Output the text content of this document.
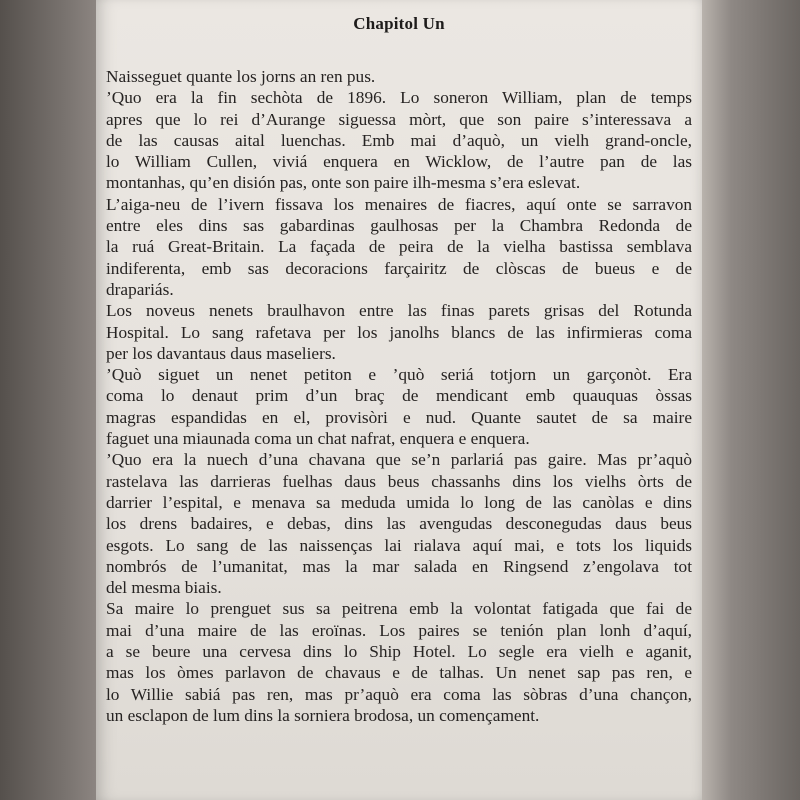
Chapitol Un
Naisseguet quante los jorns an ren pus.
’Quo era la fin sechòta de 1896. Lo soneron William, plan de temps
apres que lo rei d’Aurange siguessa mòrt, que son paire s’interessava a
de las causas aital luenchas. Emb mai d’aquò, un vielh grand-oncle,
lo William Cullen, viviá enquera en Wicklow, de l’autre pan de las
montanhas, qu’en disión pas, onte son paire ilh-mesma s’era eslevat.
L’aiga-neu de l’ivern fissava los menaires de fiacres, aquí onte se sarravon
entre eles dins sas gabardinas gaulhosas per la Chambra Redonda de
la ruá Great-Britain. La façada de peira de la vielha bastissa semblava
indiferenta, emb sas decoracions farçairitz de clòscas de bueus e de
drapariás.
Los noveus nenets braulhavon entre las finas parets grisas del Rotunda
Hospital. Lo sang rafetava per los janolhs blancs de las infirmieras coma
per los davantaus daus maseliers.
’Quò siguet un nenet petiton e ’quò seriá totjorn un garçonòt. Era
coma lo denaut prim d’un braç de mendicant emb quauquas òssas
magras espandidas en el, provisòri e nud. Quante sautet de sa maire
faguet una miaunada coma un chat nafrat, enquera e enquera.
’Quo era la nuech d’una chavana que se’n parlariá pas gaire. Mas pr’aquò
rastelava las darrieras fuelhas daus beus chassanhs dins los vielhs òrts de
darrier l’espital, e menava sa meduda umida lo long de las canòlas e dins
los drens badaires, e debas, dins las avengudas desconegudas daus beus
esgots. Lo sang de las naissenças lai rialava aquí mai, e tots los liquids
nombrós de l’umanitat, mas la mar salada en Ringsend z’engolava tot
del mesma biais.
Sa maire lo prenguet sus sa peitrena emb la volontat fatigada que fai de
mai d’una maire de las eroïnas. Los paires se tenión plan lonh d’aquí,
a se beure una cervesa dins lo Ship Hotel. Lo segle era vielh e aganit,
mas los òmes parlavon de chavaus e de talhas. Un nenet sap pas ren, e
lo Willie sabiá pas ren, mas pr’aquò era coma las sòbras d’una chançon,
un esclapon de lum dins la sorniera brodosa, un començament.
